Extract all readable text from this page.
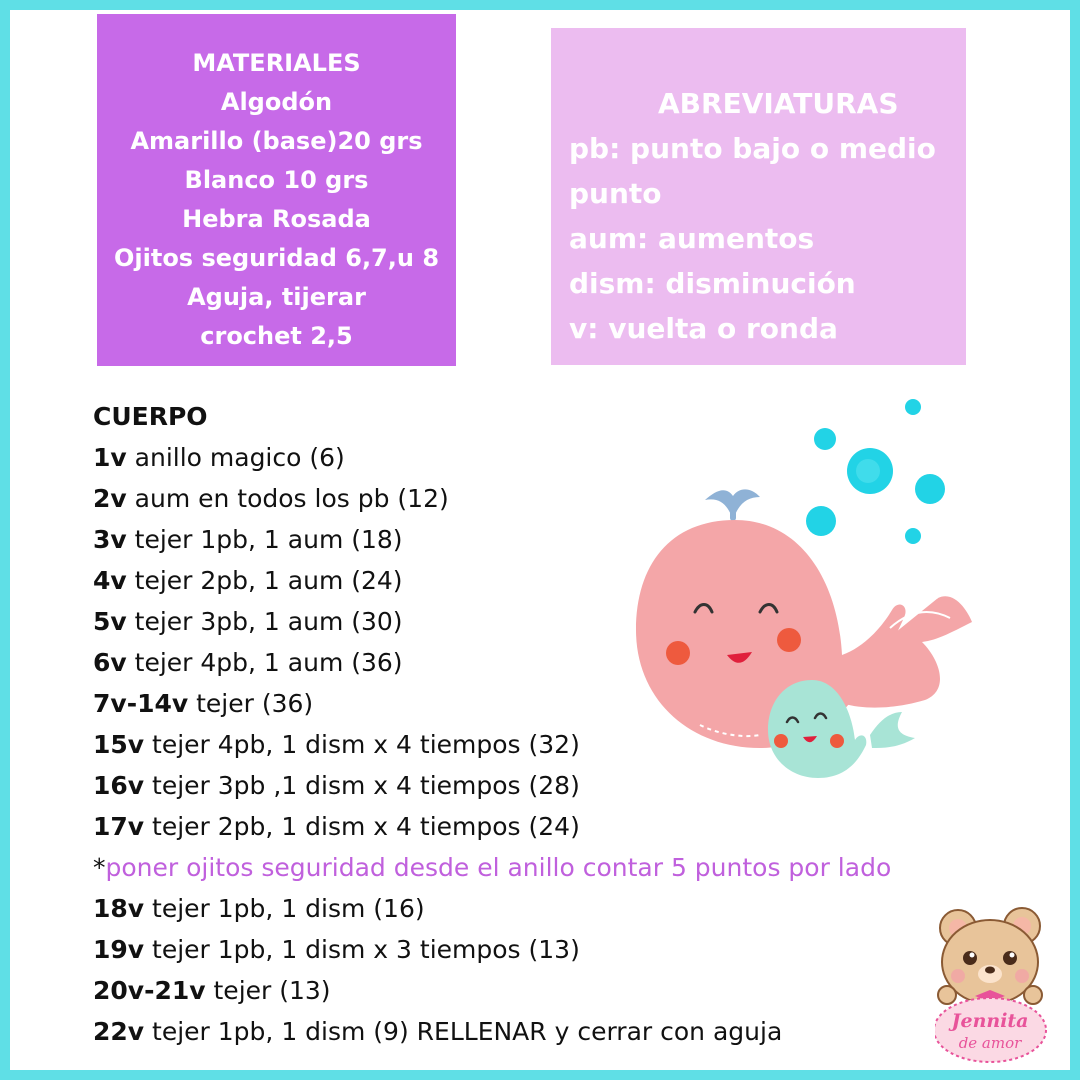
MATERIALES
Algodón
Amarillo (base)20 grs
Blanco 10 grs
Hebra Rosada
Ojitos seguridad 6,7,u 8
Aguja, tijerar
crochet 2,5
ABREVIATURAS
pb: punto bajo o medio
punto
aum: aumentos
dism: disminución
v: vuelta o ronda
CUERPO
1v anillo magico (6)
2v aum en todos los pb (12)
3v tejer 1pb, 1 aum (18)
4v tejer 2pb, 1 aum (24)
5v tejer 3pb, 1 aum (30)
6v tejer 4pb, 1 aum (36)
7v-14v tejer (36)
15v tejer 4pb, 1 dism x 4 tiempos (32)
16v tejer 3pb ,1 dism x 4 tiempos (28)
17v tejer 2pb, 1 dism x 4 tiempos (24)
*poner ojitos seguridad desde el anillo contar 5 puntos por lado
18v tejer 1pb, 1 dism (16)
19v tejer 1pb, 1 dism x 3 tiempos (13)
20v-21v tejer (13)
22v tejer 1pb, 1 dism (9) RELLENAR y cerrar con aguja	Jennita
de amor
